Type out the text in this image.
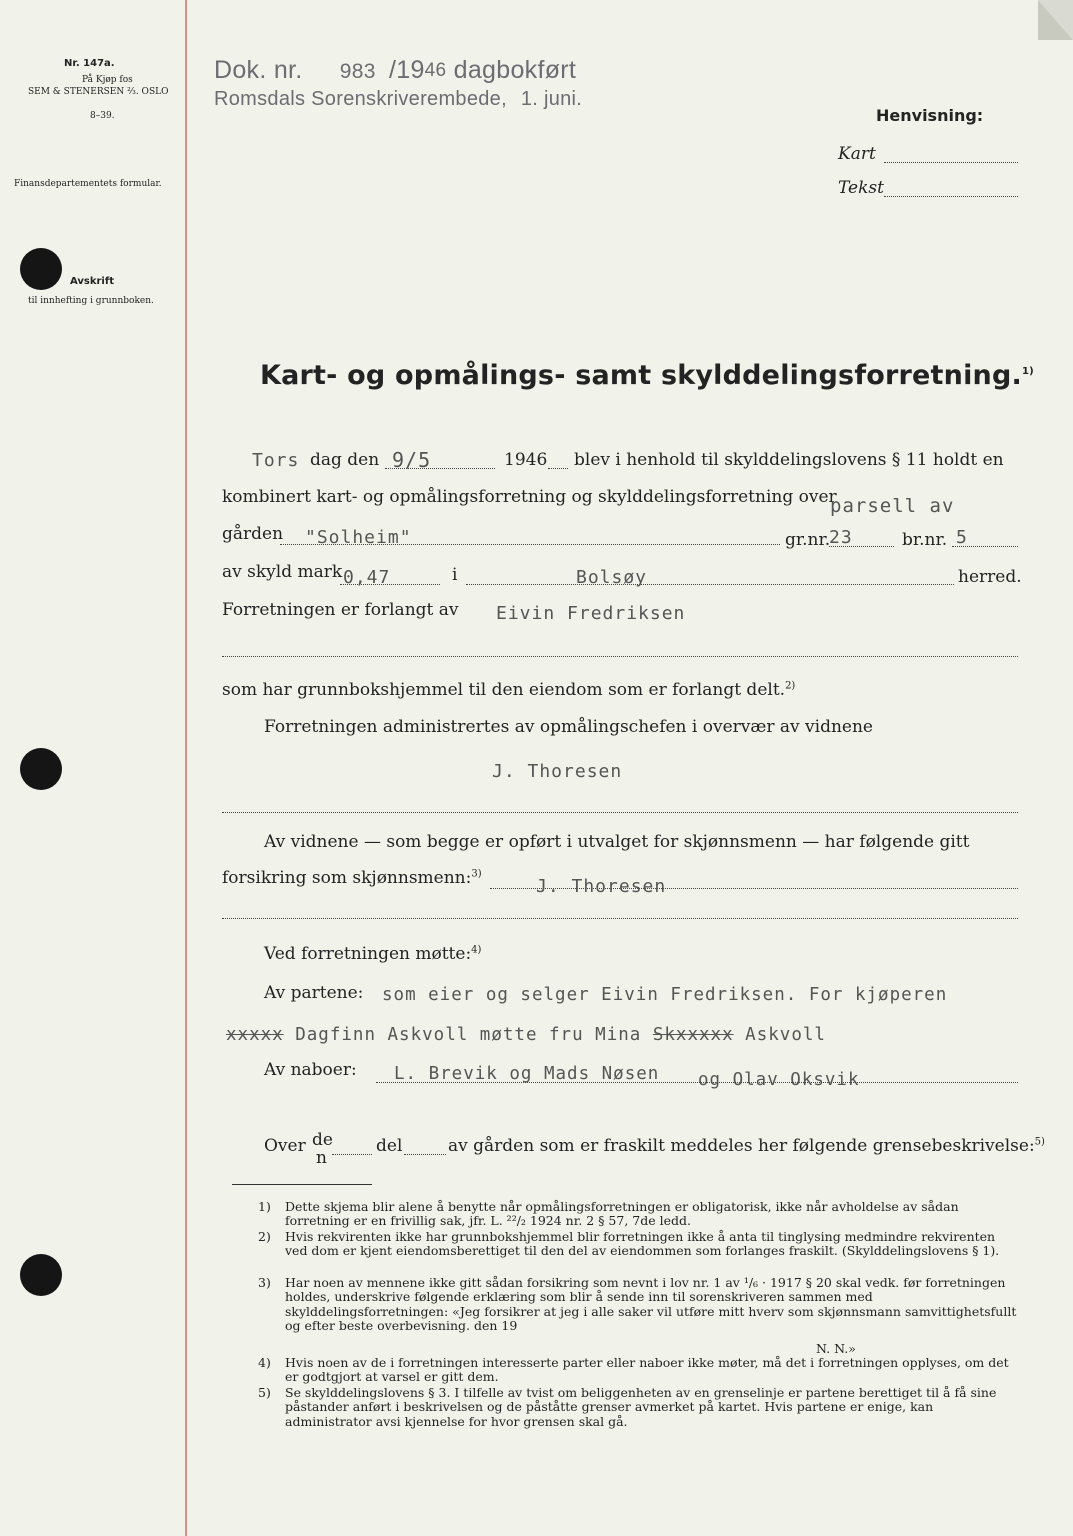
Nr. 147a.
På Kjøp fos
SEM & STENERSEN ⅔. OSLO
8–39.
Finansdepartementets formular.
Avskrift
til innhefting i grunnboken.
Dok. nr. 983 /1946 dagbokført
Romsdals Sorenskriverembede, 1. juni.
Henvisning:
Kart
Tekst
Kart- og opmålings- samt skylddelingsforretning.$^{1)}$
Tors dag den 9/5	1946 blev i henhold til skylddelingslovens § 11 holdt en
kombinert kart- og opmålingsforretning og skylddelingsforretning over
parsell av
gården "Solheim"	gr.nr.
23	br.nr. 5
av skyld mark 0,47	i	Bolsøy	herred.
Forretningen er forlangt av Eivin Fredriksen
som har grunnbokshjemmel til den eiendom som er forlangt delt.$^{2)}$
Forretningen administrertes av opmålingschefen i overvær av vidnene
J. Thoresen
Av vidnene — som begge er opført i utvalget for skjønnsmenn — har følgende gitt
forsikring som skjønnsmenn:$^{3)}$
J. Thoresen
Ved forretningen møtte:$^{4)}$
Av partene: som eier og selger Eivin Fredriksen. For kjøperen
xxxxx Dagfinn Askvoll møtte fru Mina Skxxxxx Askvoll
Av naboer: L. Brevik og Mads Nøsen og Olav Oksvik
Over de
n
del	av gården som er fraskilt meddeles her følgende grensebeskrivelse:$^{5)}$
1) Dette skjema blir alene å benytte når opmålingsforretningen er obligatorisk, ikke når avholdelse av sådan forretning er en frivillig sak, jfr. L. ²²/₂ 1924 nr. 2 § 57, 7de ledd.
2) Hvis rekvirenten ikke har grunnbokshjemmel blir forretningen ikke å anta til tinglysing medmindre rekvirenten ved dom er kjent eiendomsberettiget til den del av eiendommen som forlanges fraskilt. (Skylddelingslovens § 1).
3) Har noen av mennene ikke gitt sådan forsikring som nevnt i lov nr. 1 av ¹/₆ · 1917 § 20 skal vedk. før forretningen holdes, underskrive følgende erklæring som blir å sende inn til sorenskriveren sammen med skylddelingsforretningen: «Jeg forsikrer at jeg i alle saker vil utføre mitt hverv som skjønnsmann samvittighetsfullt og efter beste overbevisning. den 19
N. N.»
4) Hvis noen av de i forretningen interesserte parter eller naboer ikke møter, må det i forretningen opplyses, om det er godtgjort at varsel er gitt dem.
5) Se skylddelingslovens § 3. I tilfelle av tvist om beliggenheten av en grenselinje er partene berettiget til å få sine påstander anført i beskrivelsen og de påståtte grenser avmerket på kartet. Hvis partene er enige, kan administrator avsi kjennelse for hvor grensen skal gå.
